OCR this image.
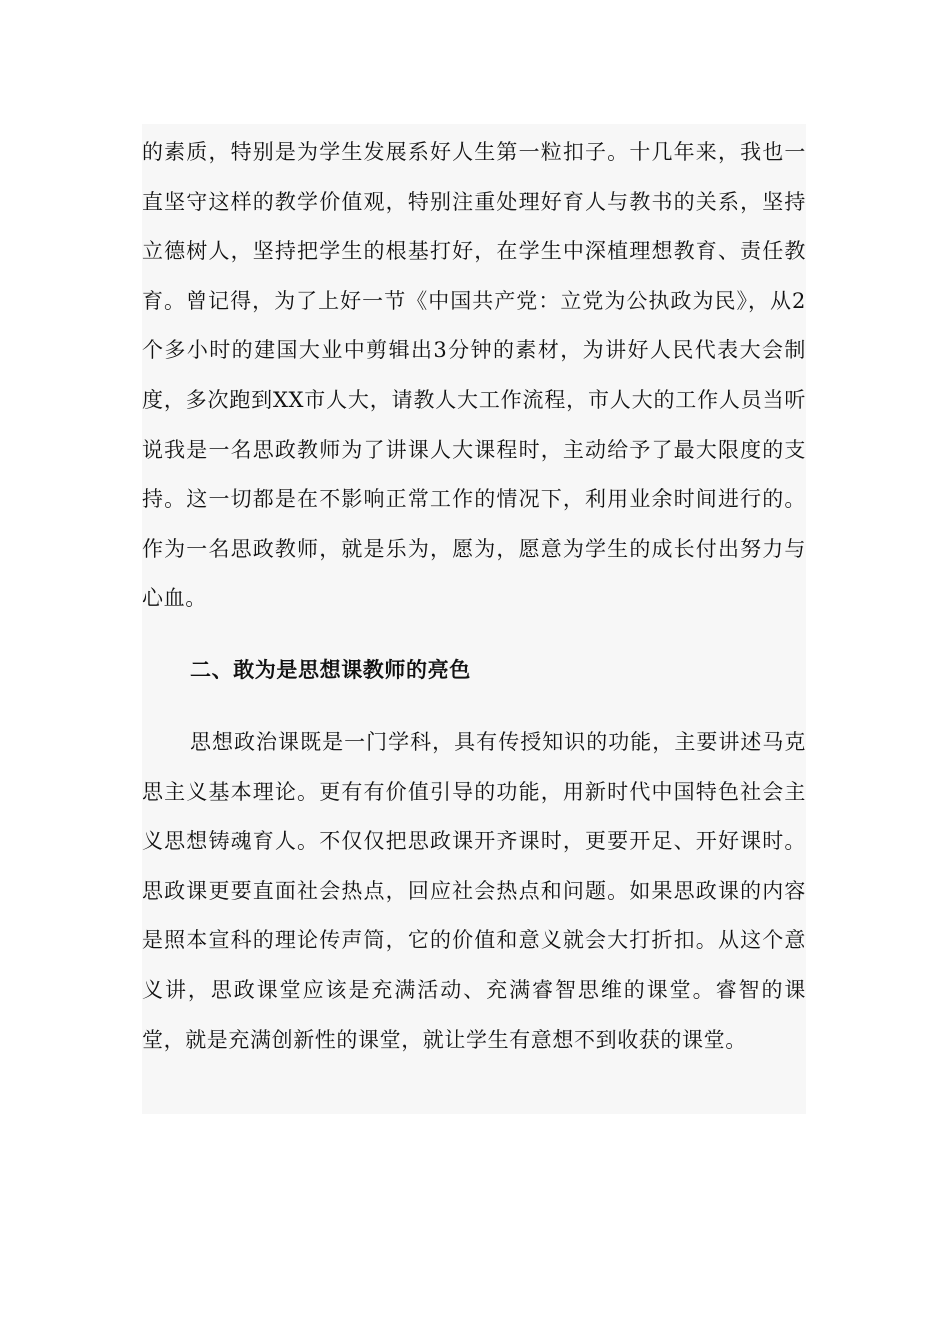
的素质，特别是为学生发展系好人生第一粒扣子。十几年来，我也一直坚守这样的教学价值观，特别注重处理好育人与教书的关系，坚持立德树人，坚持把学生的根基打好，在学生中深植理想教育、责任教育。曾记得，为了上好一节《中国共产党：立党为公执政为民》，从2个多小时的建国大业中剪辑出3分钟的素材，为讲好人民代表大会制度，多次跑到XX市人大，请教人大工作流程，市人大的工作人员当听说我是一名思政教师为了讲课人大课程时，主动给予了最大限度的支持。这一切都是在不影响正常工作的情况下，利用业余时间进行的。作为一名思政教师，就是乐为，愿为，愿意为学生的成长付出努力与心血。

二、敢为是思想课教师的亮色

思想政治课既是一门学科，具有传授知识的功能，主要讲述马克思主义基本理论。更有有价值引导的功能，用新时代中国特色社会主义思想铸魂育人。不仅仅把思政课开齐课时，更要开足、开好课时。思政课更要直面社会热点，回应社会热点和问题。如果思政课的内容是照本宣科的理论传声筒，它的价值和意义就会大打折扣。从这个意义讲，思政课堂应该是充满活动、充满睿智思维的课堂。睿智的课堂，就是充满创新性的课堂，就让学生有意想不到收获的课堂。
